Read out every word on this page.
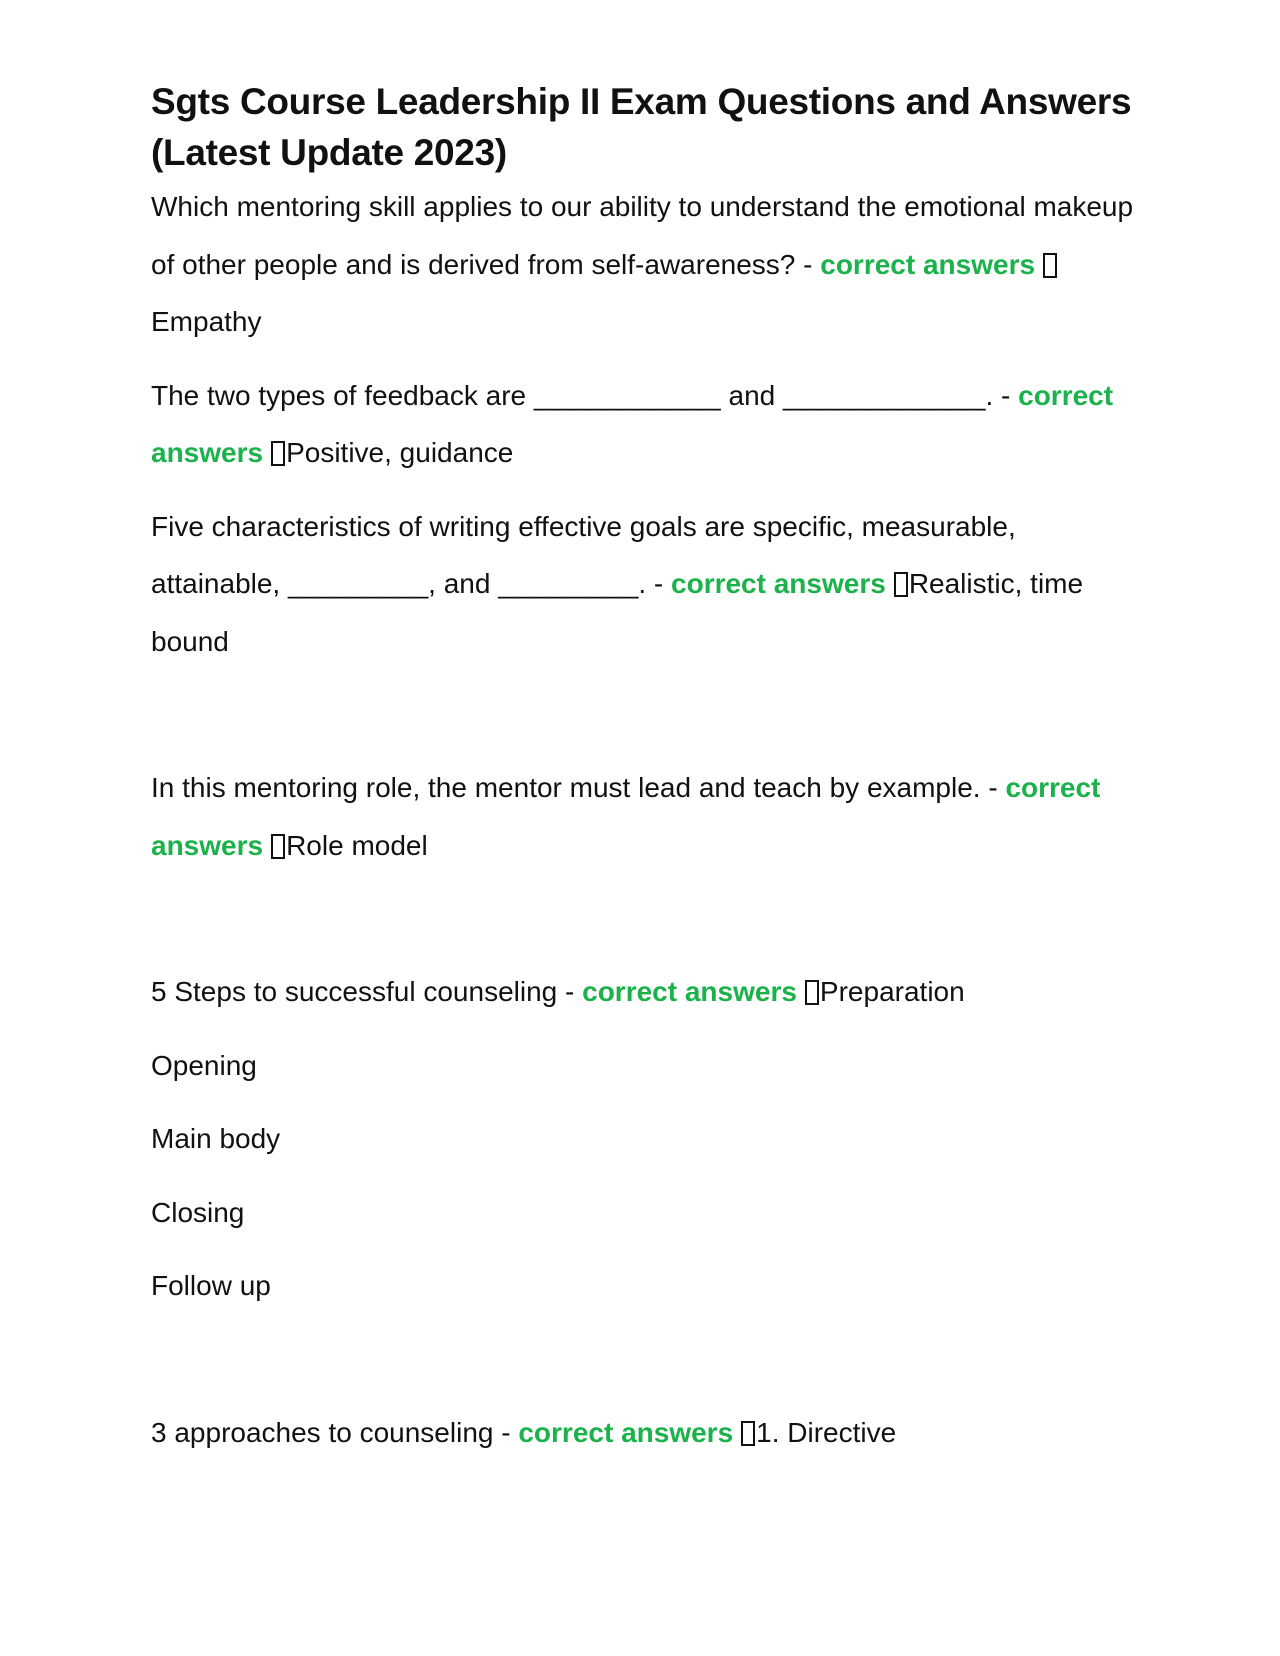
Sgts Course Leadership II Exam Questions and Answers (Latest Update 2023)

Which mentoring skill applies to our ability to understand the emotional makeup of other people and is derived from self-awareness? - correct answersEmpathy

The two types of feedback are ____________ and _____________. - correct answers Positive, guidance

Five characteristics of writing effective goals are specific, measurable, attainable, _________, and _________. - correct answers Realistic, time bound

In this mentoring role, the mentor must lead and teach by example. - correct answers Role model

5 Steps to successful counseling - correct answers Preparation

Opening

Main body

Closing

Follow up

3 approaches to counseling - correct answers 1. Directive
